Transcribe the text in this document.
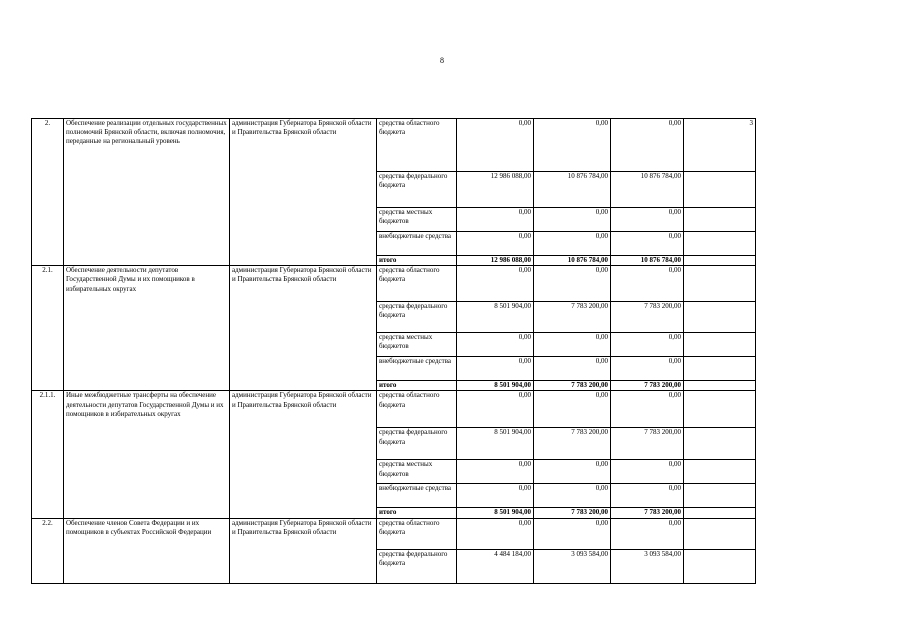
8
2.	Обеспечение реализации отдельных государственных полномочий Брянской области, включая полномочия, переданные на региональный уровень	администрация Губернатора Брянской области и Правительства Брянской области	средства областного бюджета	0,00	0,00	0,00	3
			средства федерального бюджета	12 986 088,00	10 876 784,00	10 876 784,00	
			средства местных бюджетов	0,00	0,00	0,00	
			внебюджетные средства	0,00	0,00	0,00	
			итого	12 986 088,00	10 876 784,00	10 876 784,00	
2.1.	Обеспечение деятельности депутатов Государственной Думы и их помощников в избирательных округах	администрация Губернатора Брянской области и Правительства Брянской области	средства областного бюджета	0,00	0,00	0,00	
			средства федерального бюджета	8 501 904,00	7 783 200,00	7 783 200,00	
			средства местных бюджетов	0,00	0,00	0,00	
			внебюджетные средства	0,00	0,00	0,00	
			итого	8 501 904,00	7 783 200,00	7 783 200,00	
2.1.1.	Иные межбюджетные трансферты на обеспечение деятельности депутатов Государственной Думы и их помощников в избирательных округах	администрация Губернатора Брянской области и Правительства Брянской области	средства областного бюджета	0,00	0,00	0,00	
			средства федерального бюджета	8 501 904,00	7 783 200,00	7 783 200,00	
			средства местных бюджетов	0,00	0,00	0,00	
			внебюджетные средства	0,00	0,00	0,00	
			итого	8 501 904,00	7 783 200,00	7 783 200,00	
2.2.	Обеспечение членов Совета Федерации и их помощников в субъектах Российской Федерации	администрация Губернатора Брянской области и Правительства Брянской области	средства областного бюджета	0,00	0,00	0,00	
			средства федерального бюджета	4 484 184,00	3 093 584,00	3 093 584,00	
